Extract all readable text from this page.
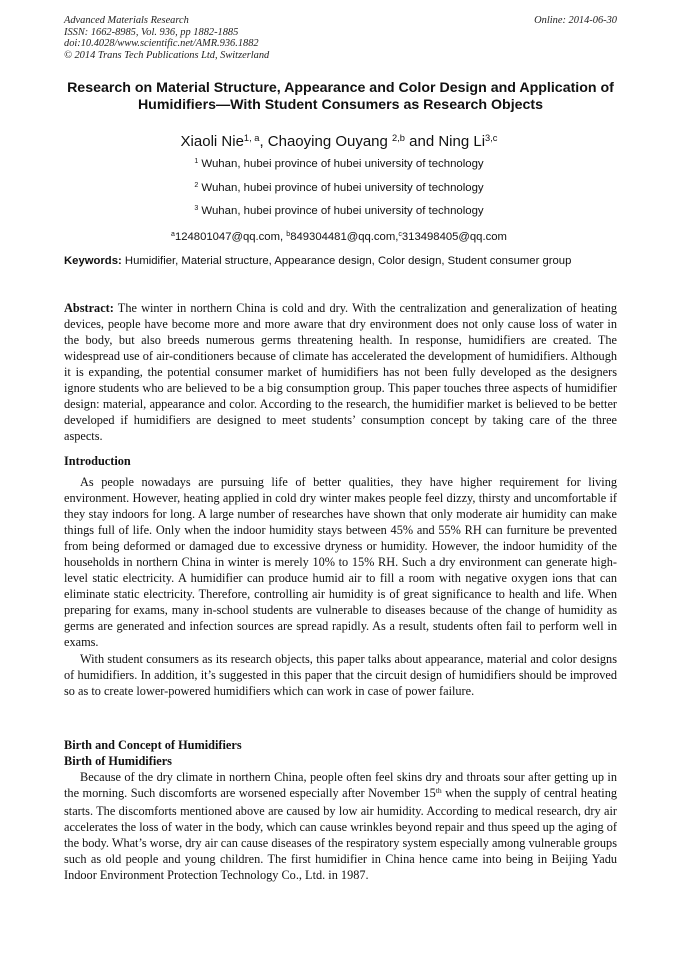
Advanced Materials Research
ISSN: 1662-8985, Vol. 936, pp 1882-1885
doi:10.4028/www.scientific.net/AMR.936.1882
© 2014 Trans Tech Publications Ltd, Switzerland
Online: 2014-06-30
Research on Material Structure, Appearance and Color Design and Application of Humidifiers—With Student Consumers as Research Objects
Xiaoli Nie$^{1, a}$, Chaoying Ouyang $^{2,b}$ and Ning Li$^{3,c}$
$^1$ Wuhan, hubei province of hubei university of technology
$^2$ Wuhan, hubei province of hubei university of technology
$^3$ Wuhan, hubei province of hubei university of technology
$^a$124801047@qq.com, $^b$849304481@qq.com,$^c$313498405@qq.com
Keywords: Humidifier, Material structure, Appearance design, Color design, Student consumer group

Abstract: The winter in northern China is cold and dry. With the centralization and generalization of heating devices, people have become more and more aware that dry environment does not only cause loss of water in the body, but also breeds numerous germs threatening health. In response, humidifiers are created. The widespread use of air-conditioners because of climate has accelerated the development of humidifiers. Although it is expanding, the potential consumer market of humidifiers has not been fully developed as the designers ignore students who are believed to be a big consumption group. This paper touches three aspects of humidifier design: material, appearance and color. According to the research, the humidifier market is believed to be better developed if humidifiers are designed to meet students’ consumption concept by taking care of the three aspects.

Introduction

As people nowadays are pursuing life of better qualities, they have higher requirement for living environment. However, heating applied in cold dry winter makes people feel dizzy, thirsty and uncomfortable if they stay indoors for long. A large number of researches have shown that only moderate air humidity can make things full of life. Only when the indoor humidity stays between 45% and 55% RH can furniture be prevented from being deformed or damaged due to excessive dryness or humidity. However, the indoor humidity of the households in northern China in winter is merely 10% to 15% RH. Such a dry environment can generate high-level static electricity. A humidifier can produce humid air to fill a room with negative oxygen ions that can eliminate static electricity. Therefore, controlling air humidity is of great significance to health and life. When preparing for exams, many in-school students are vulnerable to diseases because of the change of humidity as germs are generated and infection sources are spread rapidly. As a result, students often fail to perform well in exams.

With student consumers as its research objects, this paper talks about appearance, material and color designs of humidifiers. In addition, it’s suggested in this paper that the circuit design of humidifiers should be improved so as to create lower-powered humidifiers which can work in case of power failure.

Birth and Concept of Humidifiers
Birth of Humidifiers

Because of the dry climate in northern China, people often feel skins dry and throats sour after getting up in the morning. Such discomforts are worsened especially after November 15th when the supply of central heating starts. The discomforts mentioned above are caused by low air humidity. According to medical research, dry air accelerates the loss of water in the body, which can cause wrinkles beyond repair and thus speed up the aging of the body. What’s worse, dry air can cause diseases of the respiratory system especially among vulnerable groups such as old people and young children. The first humidifier in China hence came into being in Beijing Yadu Indoor Environment Protection Technology Co., Ltd. in 1987.
